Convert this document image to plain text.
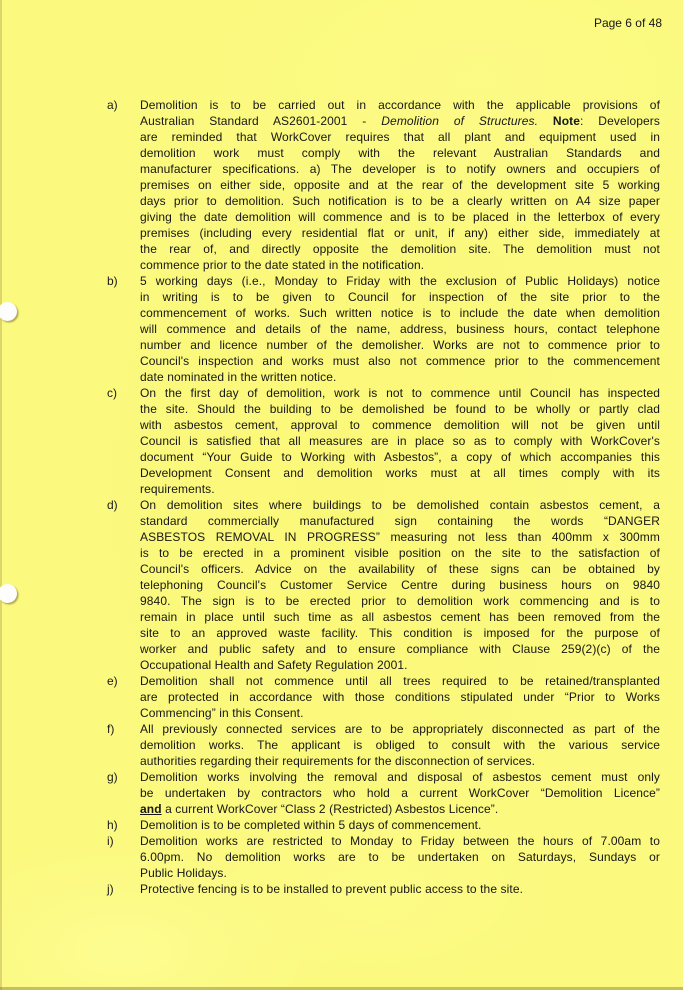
Page 6 of 48
a)	Demolition is to be carried out in accordance with the applicable provisions of
Australian Standard AS2601-2001 - Demolition of Structures. Note: Developers
are reminded that WorkCover requires that all plant and equipment used in
demolition work must comply with the relevant Australian Standards and
manufacturer specifications. a) The developer is to notify owners and occupiers of
premises on either side, opposite and at the rear of the development site 5 working
days prior to demolition. Such notification is to be a clearly written on A4 size paper
giving the date demolition will commence and is to be placed in the letterbox of every
premises (including every residential flat or unit, if any) either side, immediately at
the rear of, and directly opposite the demolition site. The demolition must not
commence prior to the date stated in the notification.
b)	5 working days (i.e., Monday to Friday with the exclusion of Public Holidays) notice
in writing is to be given to Council for inspection of the site prior to the
commencement of works. Such written notice is to include the date when demolition
will commence and details of the name, address, business hours, contact telephone
number and licence number of the demolisher. Works are not to commence prior to
Council's inspection and works must also not commence prior to the commencement
date nominated in the written notice.
c)	On the first day of demolition, work is not to commence until Council has inspected
the site. Should the building to be demolished be found to be wholly or partly clad
with asbestos cement, approval to commence demolition will not be given until
Council is satisfied that all measures are in place so as to comply with WorkCover's
document “Your Guide to Working with Asbestos”, a copy of which accompanies this
Development Consent and demolition works must at all times comply with its
requirements.
d)	On demolition sites where buildings to be demolished contain asbestos cement, a
standard commercially manufactured sign containing the words “DANGER
ASBESTOS REMOVAL IN PROGRESS” measuring not less than 400mm x 300mm
is to be erected in a prominent visible position on the site to the satisfaction of
Council's officers. Advice on the availability of these signs can be obtained by
telephoning Council's Customer Service Centre during business hours on 9840
9840. The sign is to be erected prior to demolition work commencing and is to
remain in place until such time as all asbestos cement has been removed from the
site to an approved waste facility. This condition is imposed for the purpose of
worker and public safety and to ensure compliance with Clause 259(2)(c) of the
Occupational Health and Safety Regulation 2001.
e)	Demolition shall not commence until all trees required to be retained/transplanted
are protected in accordance with those conditions stipulated under “Prior to Works
Commencing” in this Consent.
f)	All previously connected services are to be appropriately disconnected as part of the
demolition works. The applicant is obliged to consult with the various service
authorities regarding their requirements for the disconnection of services.
g)	Demolition works involving the removal and disposal of asbestos cement must only
be undertaken by contractors who hold a current WorkCover “Demolition Licence”
and a current WorkCover “Class 2 (Restricted) Asbestos Licence”.
h)	Demolition is to be completed within 5 days of commencement.
i)	Demolition works are restricted to Monday to Friday between the hours of 7.00am to
6.00pm. No demolition works are to be undertaken on Saturdays, Sundays or
Public Holidays.
j)	Protective fencing is to be installed to prevent public access to the site.
